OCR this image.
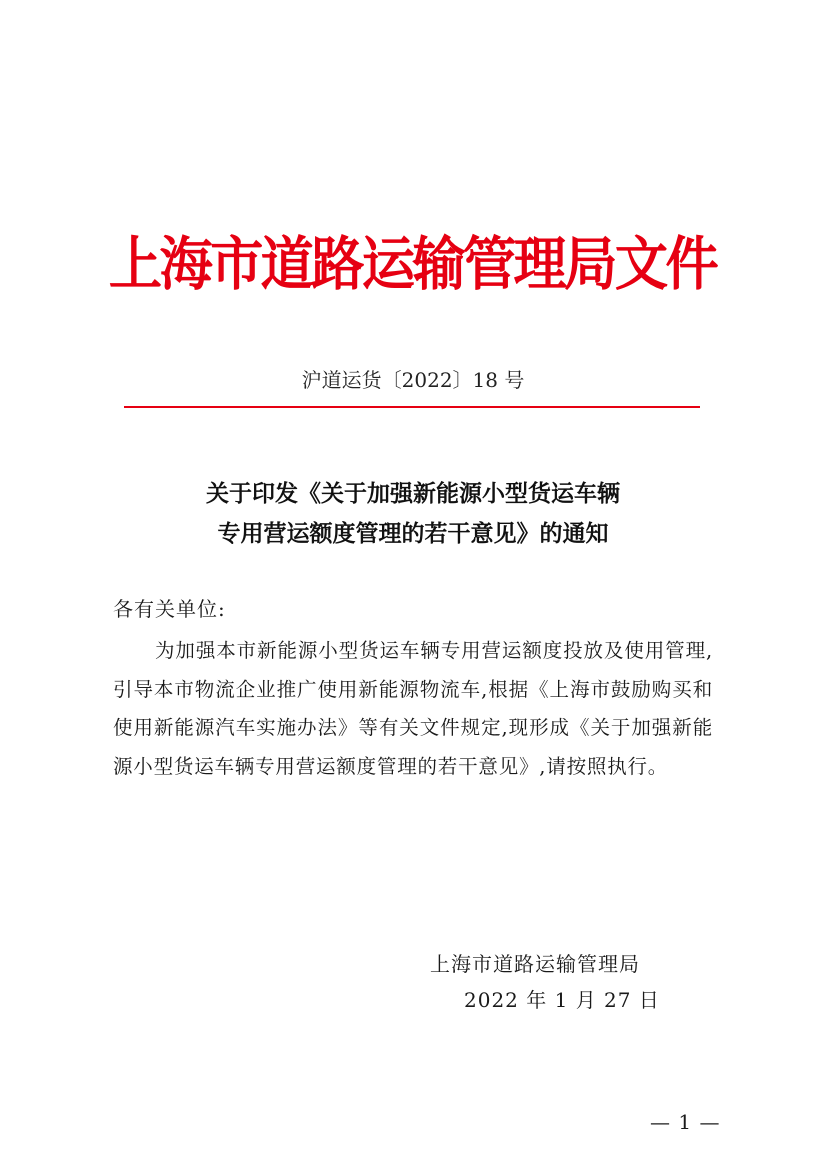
上海市道路运输管理局文件
沪道运货〔2022〕18 号
关于印发《关于加强新能源小型货运车辆
专用营运额度管理的若干意见》的通知
各有关单位:

为加强本市新能源小型货运车辆专用营运额度投放及使用管理,引导本市物流企业推广使用新能源物流车,根据《上海市鼓励购买和使用新能源汽车实施办法》等有关文件规定,现形成《关于加强新能源小型货运车辆专用营运额度管理的若干意见》,请按照执行。

上海市道路运输管理局
2022 年 1 月 27 日
— 1 —
